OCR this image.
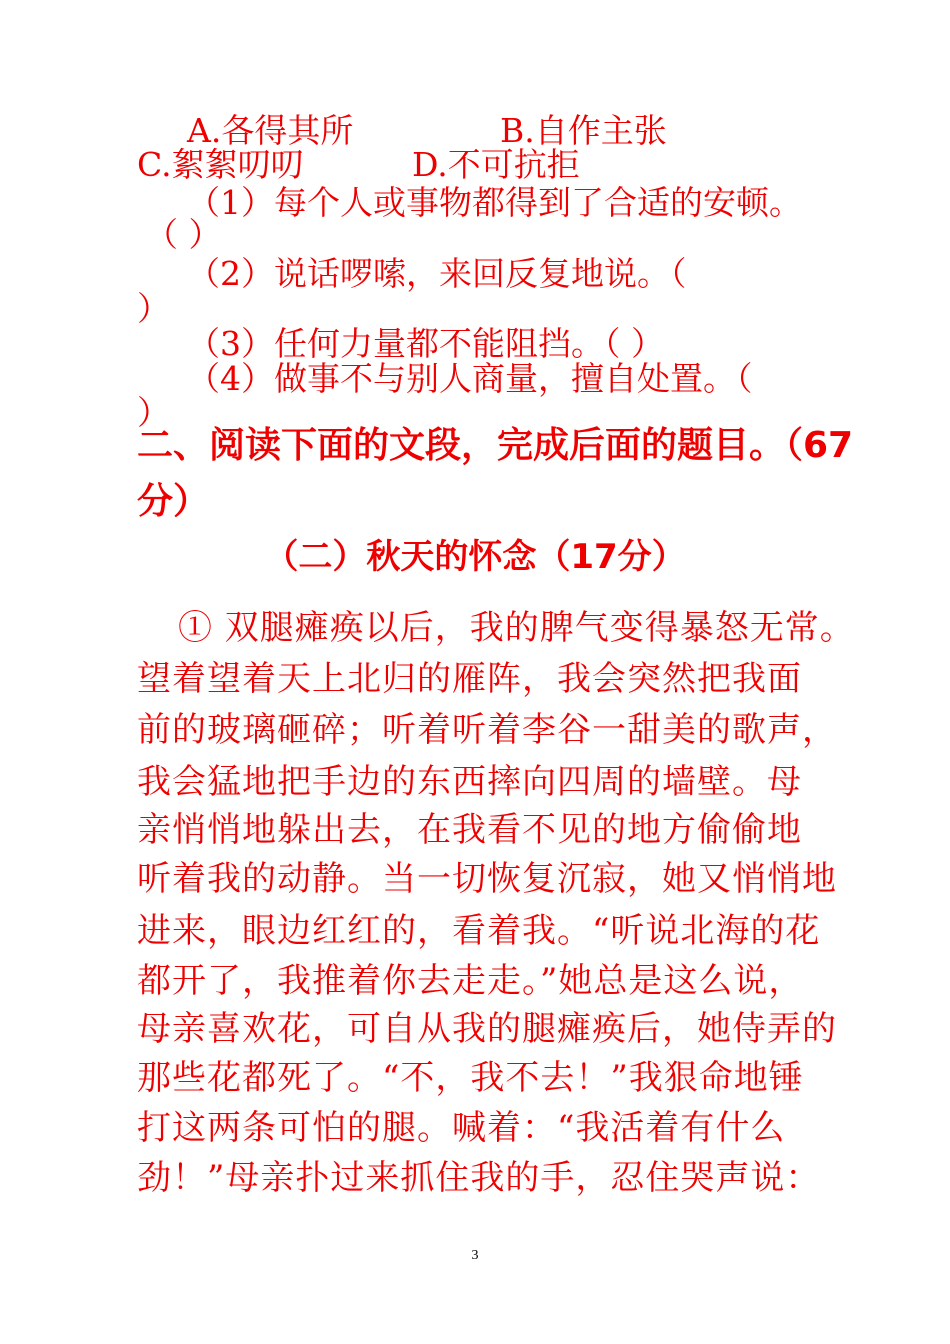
A.各得其所	B.自作主张
C.絮絮叨叨	D.不可抗拒
（1）每个人或事物都得到了合适的安顿。
（ ）
（2）说话啰嗦，来回反复地说。（
）
（3）任何力量都不能阻挡。（ ）
（4）做事不与别人商量，擅自处置。（
）
二、阅读下面的文段，完成后面的题目。（67
分）
（二）秋天的怀念（17分）
① 双腿瘫痪以后，我的脾气变得暴怒无常。
望着望着天上北归的雁阵，我会突然把我面
前的玻璃砸碎；听着听着李谷一甜美的歌声，
我会猛地把手边的东西摔向四周的墙壁。母
亲悄悄地躲出去，在我看不见的地方偷偷地
听着我的动静。当一切恢复沉寂，她又悄悄地
进来，眼边红红的，看着我。“听说北海的花
都开了，我推着你去走走。”她总是这么说，
母亲喜欢花，可自从我的腿瘫痪后，她侍弄的
那些花都死了。“不，我不去！”我狠命地锤
打这两条可怕的腿。喊着：“我活着有什么
劲！”母亲扑过来抓住我的手，忍住哭声说：
3
